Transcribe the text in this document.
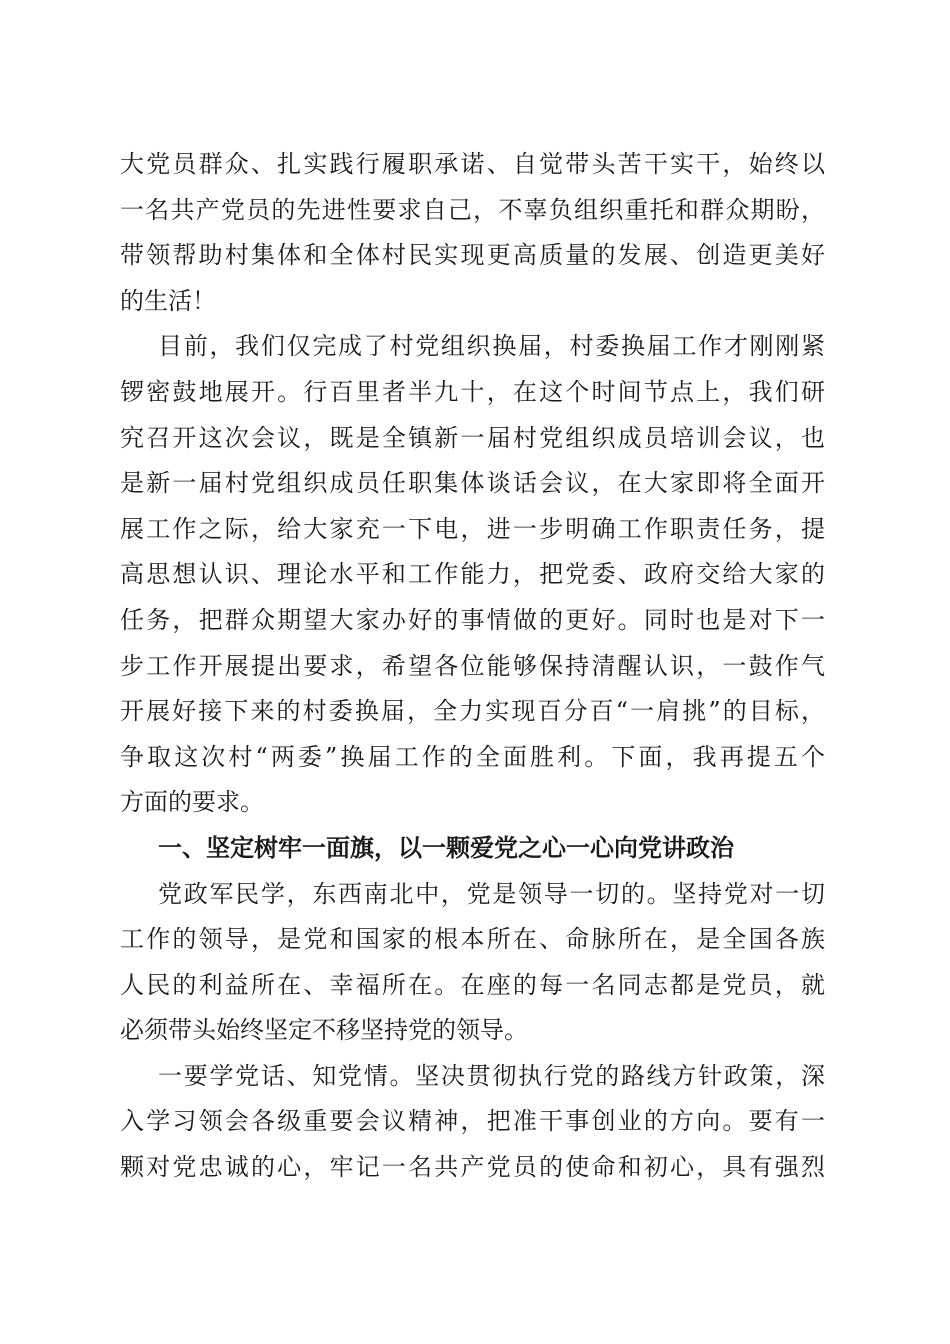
大党员群众、扎实践行履职承诺、自觉带头苦干实干，始终以
一名共产党员的先进性要求自己，不辜负组织重托和群众期盼，
带领帮助村集体和全体村民实现更高质量的发展、创造更美好
的生活！
目前，我们仅完成了村党组织换届，村委换届工作才刚刚紧
锣密鼓地展开。行百里者半九十，在这个时间节点上，我们研
究召开这次会议，既是全镇新一届村党组织成员培训会议，也
是新一届村党组织成员任职集体谈话会议，在大家即将全面开
展工作之际，给大家充一下电，进一步明确工作职责任务，提
高思想认识、理论水平和工作能力，把党委、政府交给大家的
任务，把群众期望大家办好的事情做的更好。同时也是对下一
步工作开展提出要求，希望各位能够保持清醒认识，一鼓作气
开展好接下来的村委换届，全力实现百分百“一肩挑”的目标，
争取这次村“两委”换届工作的全面胜利。下面，我再提五个
方面的要求。
一、坚定树牢一面旗，以一颗爱党之心一心向党讲政治
党政军民学，东西南北中，党是领导一切的。坚持党对一切
工作的领导，是党和国家的根本所在、命脉所在，是全国各族
人民的利益所在、幸福所在。在座的每一名同志都是党员，就
必须带头始终坚定不移坚持党的领导。
一要学党话、知党情。坚决贯彻执行党的路线方针政策，深
入学习领会各级重要会议精神，把准干事创业的方向。要有一
颗对党忠诚的心，牢记一名共产党员的使命和初心，具有强烈
